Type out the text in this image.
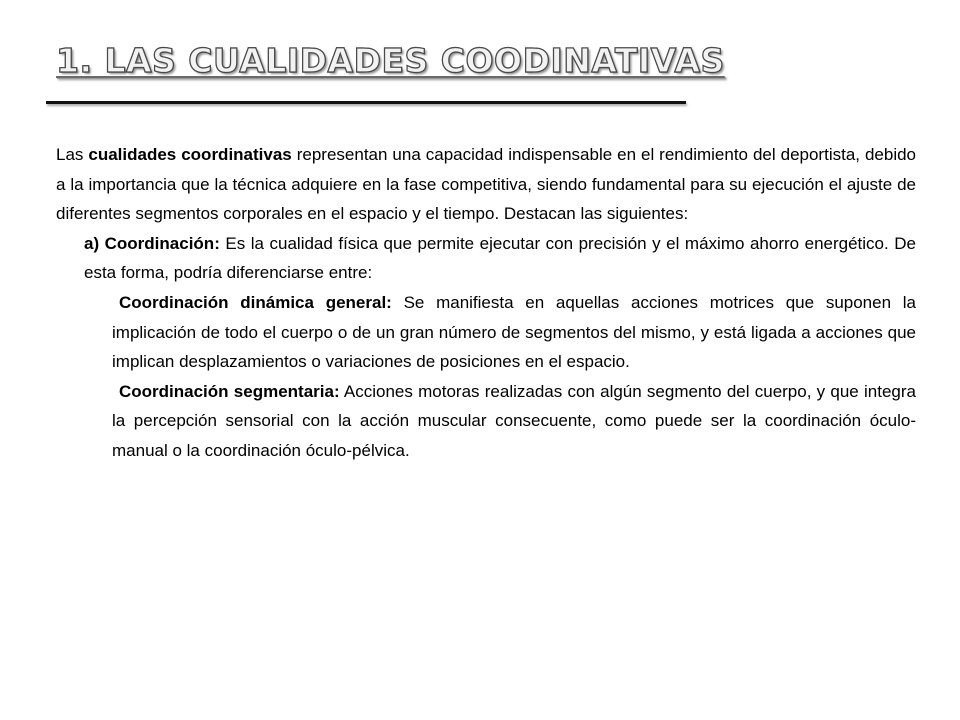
1. LAS CUALIDADES COODINATIVAS

Las cualidades coordinativas representan una capacidad indispensable en el rendimiento del deportista, debido a la importancia que la técnica adquiere en la fase competitiva, siendo fundamental para su ejecución el ajuste de diferentes segmentos corporales en el espacio y el tiempo. Destacan las siguientes:

a) Coordinación: Es la cualidad física que permite ejecutar con precisión y el máximo ahorro energético. De esta forma, podría diferenciarse entre:

Coordinación dinámica general: Se manifiesta en aquellas acciones motrices que suponen la implicación de todo el cuerpo o de un gran número de segmentos del mismo, y está ligada a acciones que implican desplazamientos o variaciones de posiciones en el espacio.

Coordinación segmentaria: Acciones motoras realizadas con algún segmento del cuerpo, y que integra la percepción sensorial con la acción muscular consecuente, como puede ser la coordinación óculo-manual o la coordinación óculo-pélvica.
